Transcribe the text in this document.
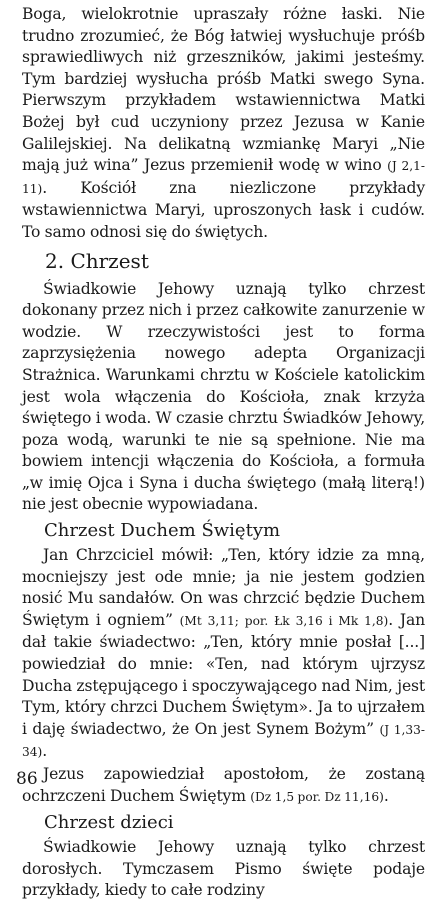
Boga, wielokrotnie upraszały różne łaski. Nie trudno zrozumieć, że Bóg łatwiej wysłuchuje próśb sprawiedliwych niż grzeszników, jakimi jesteśmy. Tym bardziej wysłucha próśb Matki swego Syna. Pierwszym przykładem wstawiennictwa Matki Bożej był cud uczyniony przez Jezusa w Kanie Galilejskiej. Na delikatną wzmiankę Maryi „Nie mają już wina” Jezus przemienił wodę w wino (J 2,1-11). Kościół zna niezliczone przykłady wstawiennictwa Maryi, uproszonych łask i cudów. To samo odnosi się do świętych.

2. Chrzest

Świadkowie Jehowy uznają tylko chrzest dokonany przez nich i przez całkowite zanurzenie w wodzie. W rzeczywistości jest to forma zaprzysiężenia nowego adepta Organizacji Strażnica. Warunkami chrztu w Kościele katolickim jest wola włączenia do Kościoła, znak krzyża świętego i woda. W czasie chrztu Świadków Jehowy, poza wodą, warunki te nie są spełnione. Nie ma bowiem intencji włączenia do Kościoła, a formuła „w imię Ojca i Syna i ducha świętego (małą literą!) nie jest obecnie wypowiadana.

Chrzest Duchem Świętym

Jan Chrzciciel mówił: „Ten, który idzie za mną, mocniejszy jest ode mnie; ja nie jestem godzien nosić Mu sandałów. On was chrzcić będzie Duchem Świętym i ogniem” (Mt 3,11; por. Łk 3,16 i Mk 1,8). Jan dał takie świadectwo: „Ten, który mnie posłał [...] powiedział do mnie: «Ten, nad którym ujrzysz Ducha zstępującego i spoczywającego nad Nim, jest Tym, który chrzci Duchem Świętym». Ja to ujrzałem i daję świadectwo, że On jest Synem Bożym” (J 1,33-34).

Jezus zapowiedział apostołom, że zostaną ochrzczeni Duchem Świętym (Dz 1,5 por. Dz 11,16).

Chrzest dzieci

Świadkowie Jehowy uznają tylko chrzest dorosłych. Tymczasem Pismo święte podaje przykłady, kiedy to całe rodziny

86
